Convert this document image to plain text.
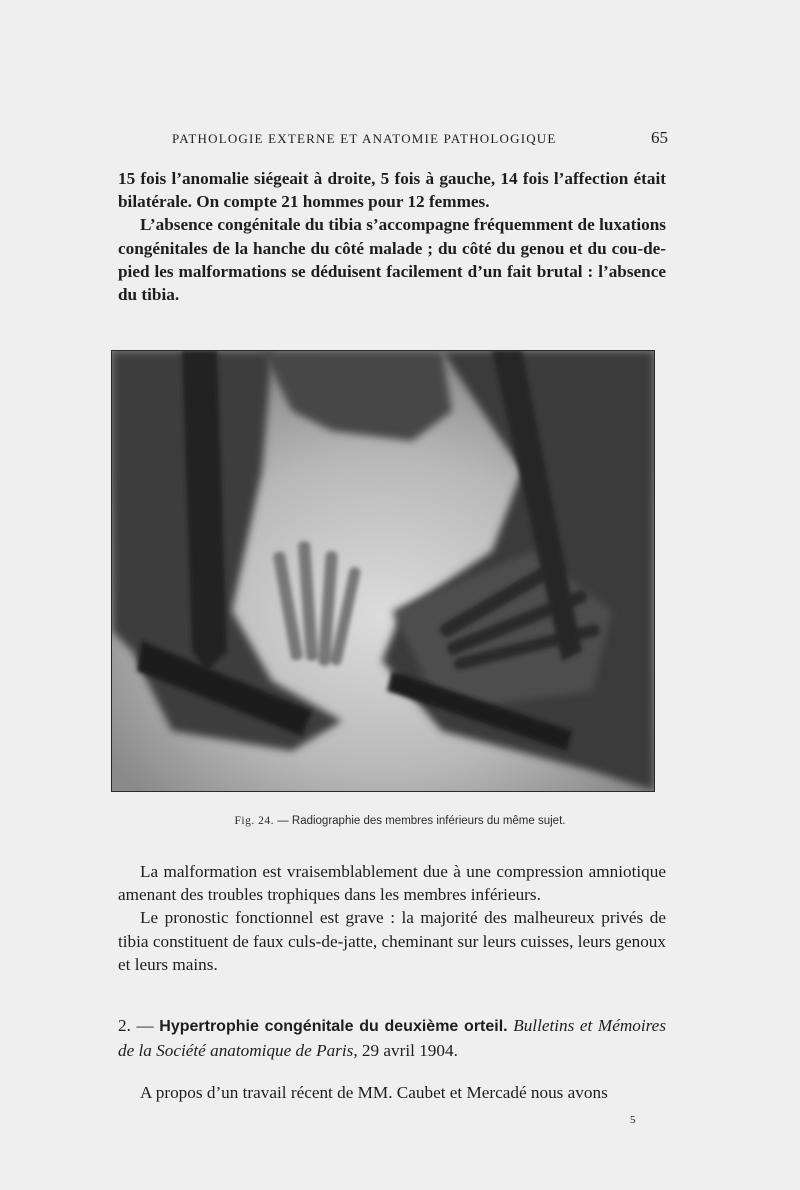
PATHOLOGIE EXTERNE ET ANATOMIE PATHOLOGIQUE	65

15 fois l’anomalie siégeait à droite, 5 fois à gauche, 14 fois l’affection était bilatérale. On compte 21 hommes pour 12 femmes.

L’absence congénitale du tibia s’accompagne fréquemment de luxations congénitales de la hanche du côté malade ; du côté du genou et du cou-de-pied les malformations se déduisent facilement d’un fait brutal : l’absence du tibia.

Fig. 24. — Radiographie des membres inférieurs du même sujet.

La malformation est vraisemblablement due à une compression amniotique amenant des troubles trophiques dans les membres inférieurs.

Le pronostic fonctionnel est grave : la majorité des malheureux privés de tibia constituent de faux culs-de-jatte, cheminant sur leurs cuisses, leurs genoux et leurs mains.

2. — Hypertrophie congénitale du deuxième orteil. Bulletins et Mémoires de la Société anatomique de Paris, 29 avril 1904.

A propos d’un travail récent de MM. Caubet et Mercadé nous avons

5
